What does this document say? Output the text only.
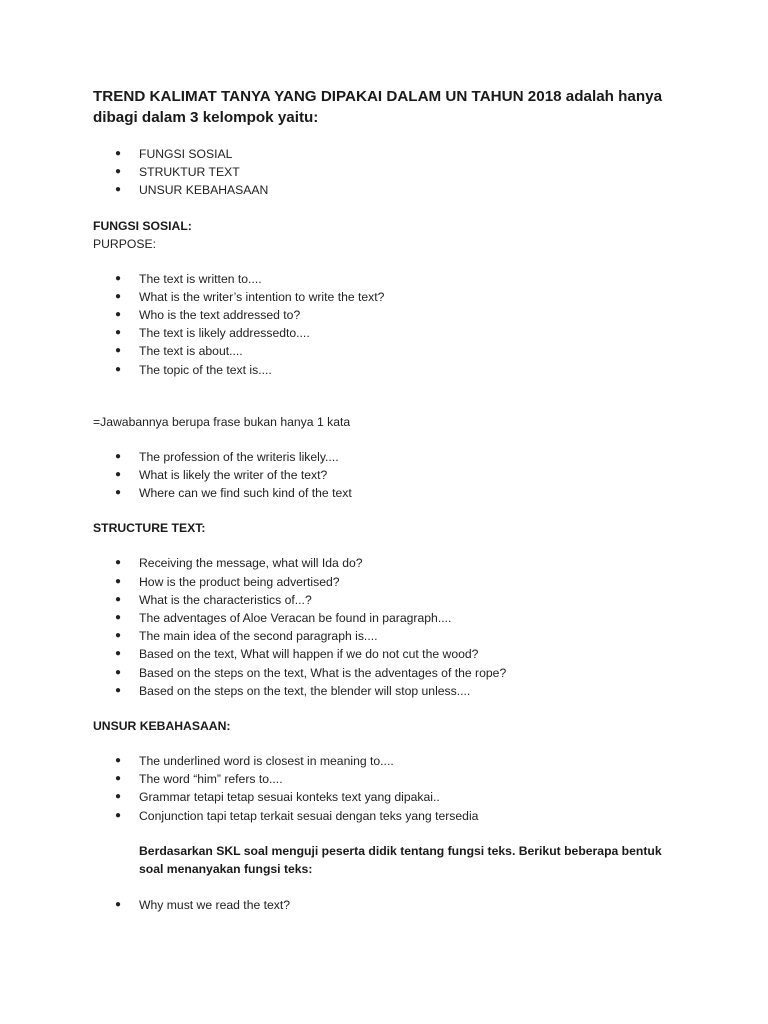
TREND KALIMAT TANYA YANG DIPAKAI DALAM UN TAHUN 2018 adalah hanya dibagi dalam 3 kelompok yaitu:
● FUNGSI SOSIAL
● STRUKTUR TEXT
● UNSUR KEBAHASAAN
FUNGSI SOSIAL:
PURPOSE:
● The text is written to....
● What is the writer’s intention to write the text?
● Who is the text addressed to?
● The text is likely addressedto....
● The text is about....
● The topic of the text is....
=Jawabannya berupa frase bukan hanya 1 kata
● The profession of the writeris likely....
● What is likely the writer of the text?
● Where can we find such kind of the text
STRUCTURE TEXT:
● Receiving the message, what will Ida do?
● How is the product being advertised?
● What is the characteristics of...?
● The adventages of Aloe Veracan be found in paragraph....
● The main idea of the second paragraph is....
● Based on the text, What will happen if we do not cut the wood?
● Based on the steps on the text, What is the adventages of the rope?
● Based on the steps on the text, the blender will stop unless....
UNSUR KEBAHASAAN:
● The underlined word is closest in meaning to....
● The word “him” refers to....
● Grammar tetapi tetap sesuai konteks text yang dipakai..
● Conjunction tapi tetap terkait sesuai dengan teks yang tersedia
Berdasarkan SKL soal menguji peserta didik tentang fungsi teks. Berikut beberapa bentuk soal menanyakan fungsi teks:
● Why must we read the text?
